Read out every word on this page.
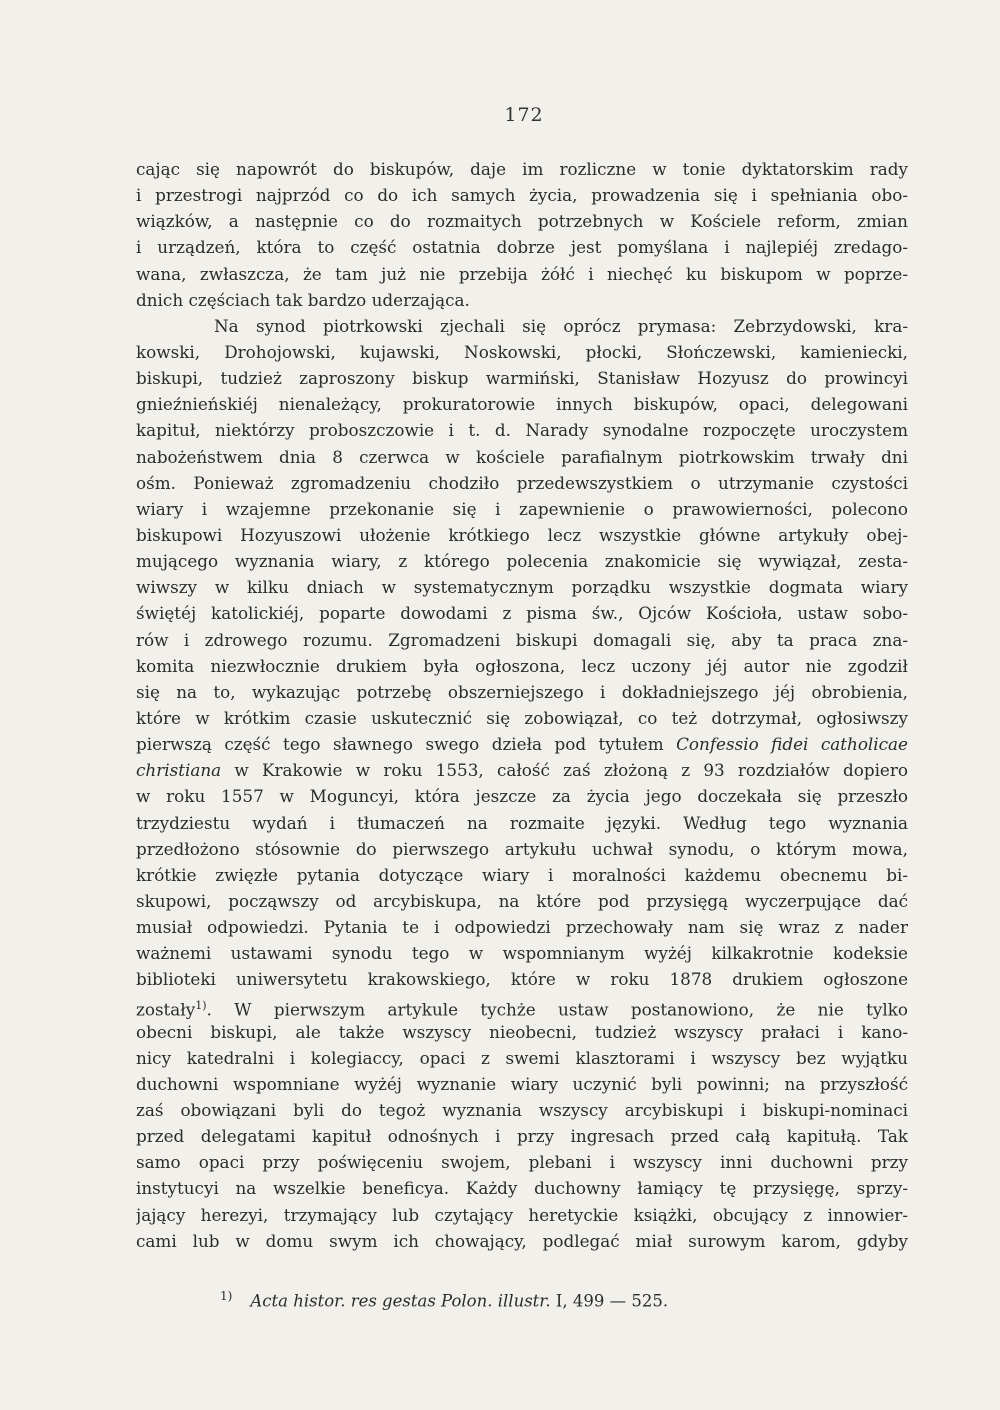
172
cając się napowrót do biskupów, daje im rozliczne w tonie dyktatorskim rady
i przestrogi najprzód co do ich samych życia, prowadzenia się i spełniania obo-
wiązków, a następnie co do rozmaitych potrzebnych w Kościele reform, zmian
i urządzeń, która to część ostatnia dobrze jest pomyślana i najlepiéj zredago-
wana, zwłaszcza, że tam już nie przebija żółć i niechęć ku biskupom w poprze-
dnich częściach tak bardzo uderzająca.
Na synod piotrkowski zjechali się oprócz prymasa: Zebrzydowski, kra-
kowski, Drohojowski, kujawski, Noskowski, płocki, Słończewski, kamieniecki,
biskupi, tudzież zaproszony biskup warmiński, Stanisław Hozyusz do prowincyi
gnieźnieńskiéj nienależący, prokuratorowie innych biskupów, opaci, delegowani
kapituł, niektórzy proboszczowie i t. d. Narady synodalne rozpoczęte uroczystem
nabożeństwem dnia 8 czerwca w kościele parafialnym piotrkowskim trwały dni
ośm. Ponieważ zgromadzeniu chodziło przedewszystkiem o utrzymanie czystości
wiary i wzajemne przekonanie się i zapewnienie o prawowierności, polecono
biskupowi Hozyuszowi ułożenie krótkiego lecz wszystkie główne artykuły obej-
mującego wyznania wiary, z którego polecenia znakomicie się wywiązał, zesta-
wiwszy w kilku dniach w systematycznym porządku wszystkie dogmata wiary
świętéj katolickiéj, poparte dowodami z pisma św., Ojców Kościoła, ustaw sobo-
rów i zdrowego rozumu. Zgromadzeni biskupi domagali się, aby ta praca zna-
komita niezwłocznie drukiem była ogłoszona, lecz uczony jéj autor nie zgodził
się na to, wykazując potrzebę obszerniejszego i dokładniejszego jéj obrobienia,
które w krótkim czasie uskutecznić się zobowiązał, co też dotrzymał, ogłosiwszy
pierwszą część tego sławnego swego dzieła pod tytułem Confessio fidei catholicae
christiana w Krakowie w roku 1553, całość zaś złożoną z 93 rozdziałów dopiero
w roku 1557 w Moguncyi, która jeszcze za życia jego doczekała się przeszło
trzydziestu wydań i tłumaczeń na rozmaite języki. Według tego wyznania
przedłożono stósownie do pierwszego artykułu uchwał synodu, o którym mowa,
krótkie zwięzłe pytania dotyczące wiary i moralności każdemu obecnemu bi-
skupowi, począwszy od arcybiskupa, na które pod przysięgą wyczerpujące dać
musiał odpowiedzi. Pytania te i odpowiedzi przechowały nam się wraz z nader
ważnemi ustawami synodu tego w wspomnianym wyżéj kilkakrotnie kodeksie
biblioteki uniwersytetu krakowskiego, które w roku 1878 drukiem ogłoszone
zostały$^{1)}$. W pierwszym artykule tychże ustaw postanowiono, że nie tylko
obecni biskupi, ale także wszyscy nieobecni, tudzież wszyscy prałaci i kano-
nicy katedralni i kolegiaccy, opaci z swemi klasztorami i wszyscy bez wyjątku
duchowni wspomniane wyżéj wyznanie wiary uczynić byli powinni; na przyszłość
zaś obowiązani byli do tegoż wyznania wszyscy arcybiskupi i biskupi-nominaci
przed delegatami kapituł odnośnych i przy ingresach przed całą kapitułą. Tak
samo opaci przy poświęceniu swojem, plebani i wszyscy inni duchowni przy
instytucyi na wszelkie beneficya. Każdy duchowny łamiący tę przysięgę, sprzy-
jający herezyi, trzymający lub czytający heretyckie książki, obcujący z innowier-
cami lub w domu swym ich chowający, podlegać miał surowym karom, gdyby
$^{1)}$ Acta histor. res gestas Polon. illustr. I, 499 — 525.
